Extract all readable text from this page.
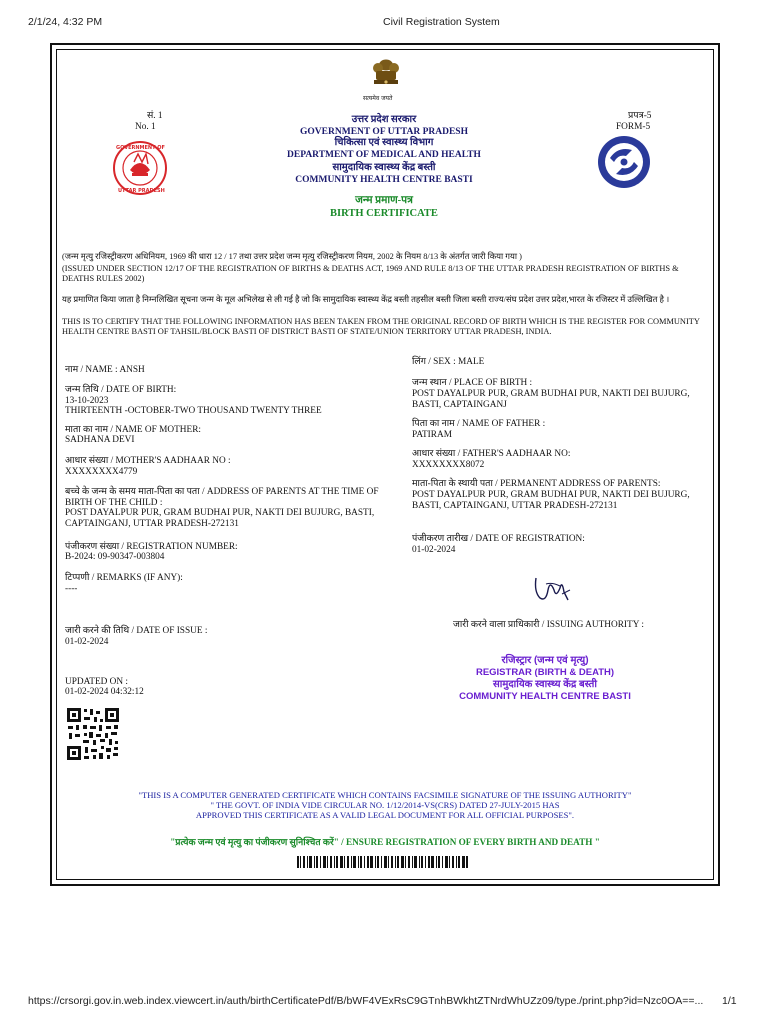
2/1/24, 4:32 PM	Civil Registration System
सत्यमेव जयते
सं. 1
No. 1
प्रपत्र-5
FORM-5
GOVERNMENT OF
UTTAR PRADESH
उत्तर प्रदेश सरकार
GOVERNMENT OF UTTAR PRADESH
चिकित्सा एवं स्वास्थ्य विभाग
DEPARTMENT OF MEDICAL AND HEALTH
सामुदायिक स्वास्थ्य केंद्र बस्ती
COMMUNITY HEALTH CENTRE BASTI
जन्म प्रमाण-पत्र
BIRTH CERTIFICATE
(जन्म मृत्यु रजिस्ट्रीकरण अधिनियम, 1969 की धारा 12 / 17 तथा उत्तर प्रदेश जन्म मृत्यु रजिस्ट्रीकरण नियम, 2002 के नियम 8/13 के अंतर्गत जारी किया गया )
(ISSUED UNDER SECTION 12/17 OF THE REGISTRATION OF BIRTHS & DEATHS ACT, 1969 AND RULE 8/13 OF THE UTTAR PRADESH REGISTRATION OF BIRTHS & DEATHS RULES 2002)
यह प्रमाणित किया जाता है निम्नलिखित सूचना जन्म के मूल अभिलेख से ली गई है जो कि सामुदायिक स्वास्थ्य केंद्र बस्ती तहसील बस्ती जिला बस्ती राज्य/संघ प्रदेश उत्तर प्रदेश,भारत के रजिस्टर में उल्लिखित है ।
THIS IS TO CERTIFY THAT THE FOLLOWING INFORMATION HAS BEEN TAKEN FROM THE ORIGINAL RECORD OF BIRTH WHICH IS THE REGISTER FOR COMMUNITY HEALTH CENTRE BASTI OF TAHSIL/BLOCK BASTI OF DISTRICT BASTI OF STATE/UNION TERRITORY UTTAR PRADESH, INDIA.
नाम / NAME : ANSH
जन्म तिथि / DATE OF BIRTH:
13-10-2023
THIRTEENTH -OCTOBER-TWO THOUSAND TWENTY THREE
माता का नाम / NAME OF MOTHER:
SADHANA DEVI
आधार संख्या / MOTHER'S AADHAAR NO :
XXXXXXXX4779
बच्चे के जन्म के समय माता-पिता का पता / ADDRESS OF PARENTS AT THE TIME OF BIRTH OF THE CHILD :
POST DAYALPUR PUR, GRAM BUDHAI PUR, NAKTI DEI BUJURG, BASTI, CAPTAINGANJ, UTTAR PRADESH-272131
पंजीकरण संख्या / REGISTRATION NUMBER:
B-2024: 09-90347-003804
टिप्पणी / REMARKS (IF ANY):
----
जारी करने की तिथि / DATE OF ISSUE :
01-02-2024
UPDATED ON :
01-02-2024 04:32:12
लिंग / SEX : MALE
जन्म स्थान / PLACE OF BIRTH :
POST DAYALPUR PUR, GRAM BUDHAI PUR, NAKTI DEI BUJURG, BASTI, CAPTAINGANJ
पिता का नाम / NAME OF FATHER :
PATIRAM
आधार संख्या / FATHER'S AADHAAR NO:
XXXXXXXX8072
माता-पिता के स्थायी पता / PERMANENT ADDRESS OF PARENTS:
POST DAYALPUR PUR, GRAM BUDHAI PUR, NAKTI DEI BUJURG, BASTI, CAPTAINGANJ, UTTAR PRADESH-272131
पंजीकरण तारीख / DATE OF REGISTRATION:
01-02-2024
जारी करने वाला प्राधिकारी / ISSUING AUTHORITY :
रजिस्ट्रार (जन्म एवं मृत्यु)
REGISTRAR (BIRTH & DEATH)
सामुदायिक स्वास्थ्य केंद्र बस्ती
COMMUNITY HEALTH CENTRE BASTI
"THIS IS A COMPUTER GENERATED CERTIFICATE WHICH CONTAINS FACSIMILE SIGNATURE OF THE ISSUING AUTHORITY"
" THE GOVT. OF INDIA VIDE CIRCULAR NO. 1/12/2014-VS(CRS) DATED 27-JULY-2015 HAS
APPROVED THIS CERTIFICATE AS A VALID LEGAL DOCUMENT FOR ALL OFFICIAL PURPOSES".
"प्रत्येक जन्म एवं मृत्यु का पंजीकरण सुनिश्चित करें" / ENSURE REGISTRATION OF EVERY BIRTH AND DEATH "
https://crsorgi.gov.in.web.index.viewcert.in/auth/birthCertificatePdf/B/bWF4VExRsC9GTnhBWkhtZTNrdWhUZz09/type./print.php?id=Nzc0OA==...	1/1
